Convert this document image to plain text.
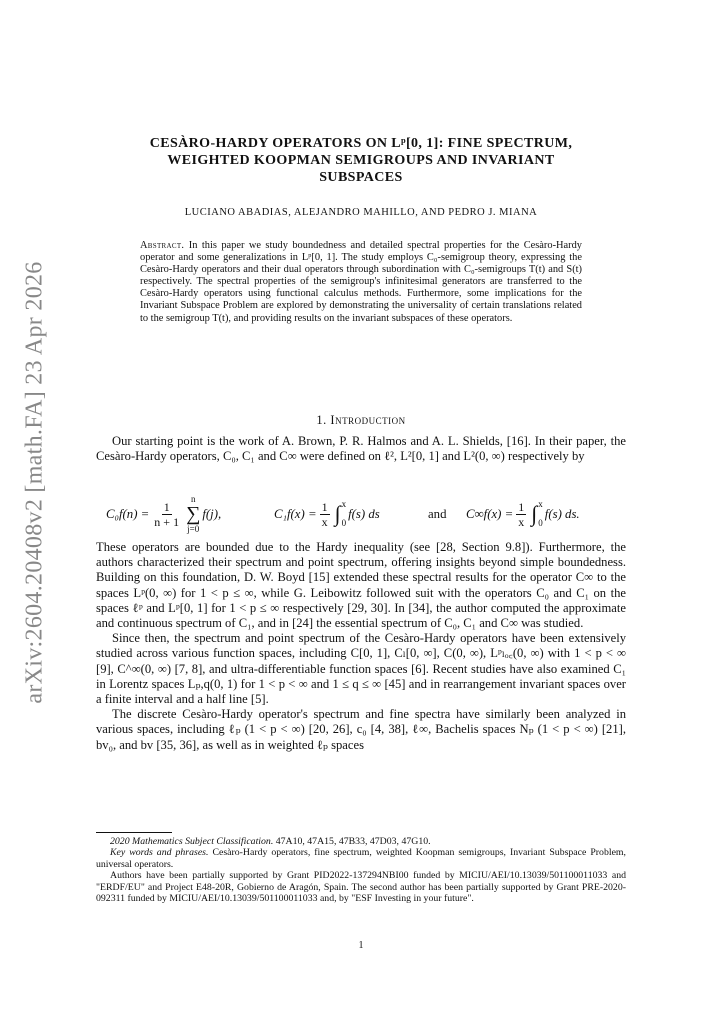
arXiv:2604.20408v2 [math.FA] 23 Apr 2026
CESÀRO-HARDY OPERATORS ON Lᵖ[0, 1]: FINE SPECTRUM,
WEIGHTED KOOPMAN SEMIGROUPS AND INVARIANT
SUBSPACES
LUCIANO ABADIAS, ALEJANDRO MAHILLO, AND PEDRO J. MIANA
Abstract. In this paper we study boundedness and detailed spectral properties for the Cesàro-Hardy operator and some generalizations in Lᵖ[0, 1]. The study employs C₀-semigroup theory, expressing the Cesàro-Hardy operators and their dual operators through subordination with C₀-semigroups T(t) and S(t) respectively. The spectral properties of the semigroup's infinitesimal generators are transferred to the Cesàro-Hardy operators using functional calculus methods. Furthermore, some implications for the Invariant Subspace Problem are explored by demonstrating the universality of certain translations related to the semigroup T(t), and providing results on the invariant subspaces of these operators.
1. Introduction

Our starting point is the work of A. Brown, P. R. Halmos and A. L. Shields, [16]. In their paper, the Cesàro-Hardy operators, C₀, C₁ and C∞ were defined on ℓ², L²[0, 1] and L²(0, ∞) respectively by

$C_0f(n) = \frac{1}{n + 1}$
n
∑
j=0
f(j),	$C_1f(x) = \frac{1}{x}$ ∫ x
0
f(s) ds	and $C\infty f(x) = \frac{1}{x}$ ∫ x
0
f(s) ds.

These operators are bounded due to the Hardy inequality (see [28, Section 9.8]). Furthermore, the authors characterized their spectrum and point spectrum, offering insights beyond simple boundedness. Building on this foundation, D. W. Boyd [15] extended these spectral results for the operator C∞ to the spaces Lᵖ(0, ∞) for 1 < p ≤ ∞, while G. Leibowitz followed suit with the operators C₀ and C₁ on the spaces ℓᵖ and Lᵖ[0, 1] for 1 < p ≤ ∞ respectively [29, 30]. In [34], the author computed the approximate and continuous spectrum of C₁, and in [24] the essential spectrum of C₀, C₁ and C∞ was studied.

Since then, the spectrum and point spectrum of the Cesàro-Hardy operators have been extensively studied across various function spaces, including C[0, 1], Cₗ[0, ∞], C(0, ∞), Lᵖₗₒ꜀(0, ∞) with 1 < p < ∞ [9], C^∞(0, ∞) [7, 8], and ultra-differentiable function spaces [6]. Recent studies have also examined C₁ in Lorentz spaces Lₚ,q(0, 1) for 1 < p < ∞ and 1 ≤ q ≤ ∞ [45] and in rearrangement invariant spaces over a finite interval and a half line [5].

The discrete Cesàro-Hardy operator's spectrum and fine spectra have similarly been analyzed in various spaces, including ℓₚ (1 < p < ∞) [20, 26], c₀ [4, 38], ℓ∞, Bachelis spaces Nₚ (1 < p < ∞) [21], bv₀, and bv [35, 36], as well as in weighted ℓₚ spaces

2020 Mathematics Subject Classification. 47A10, 47A15, 47B33, 47D03, 47G10.

Key words and phrases. Cesàro-Hardy operators, fine spectrum, weighted Koopman semigroups, Invariant Subspace Problem, universal operators.

Authors have been partially supported by Grant PID2022-137294NBI00 funded by MICIU/AEI/10.13039/501100011033 and "ERDF/EU" and Project E48-20R, Gobierno de Aragón, Spain. The second author has been partially supported by Grant PRE-2020-092311 funded by MICIU/AEI/10.13039/501100011033 and, by "ESF Investing in your future".

1
